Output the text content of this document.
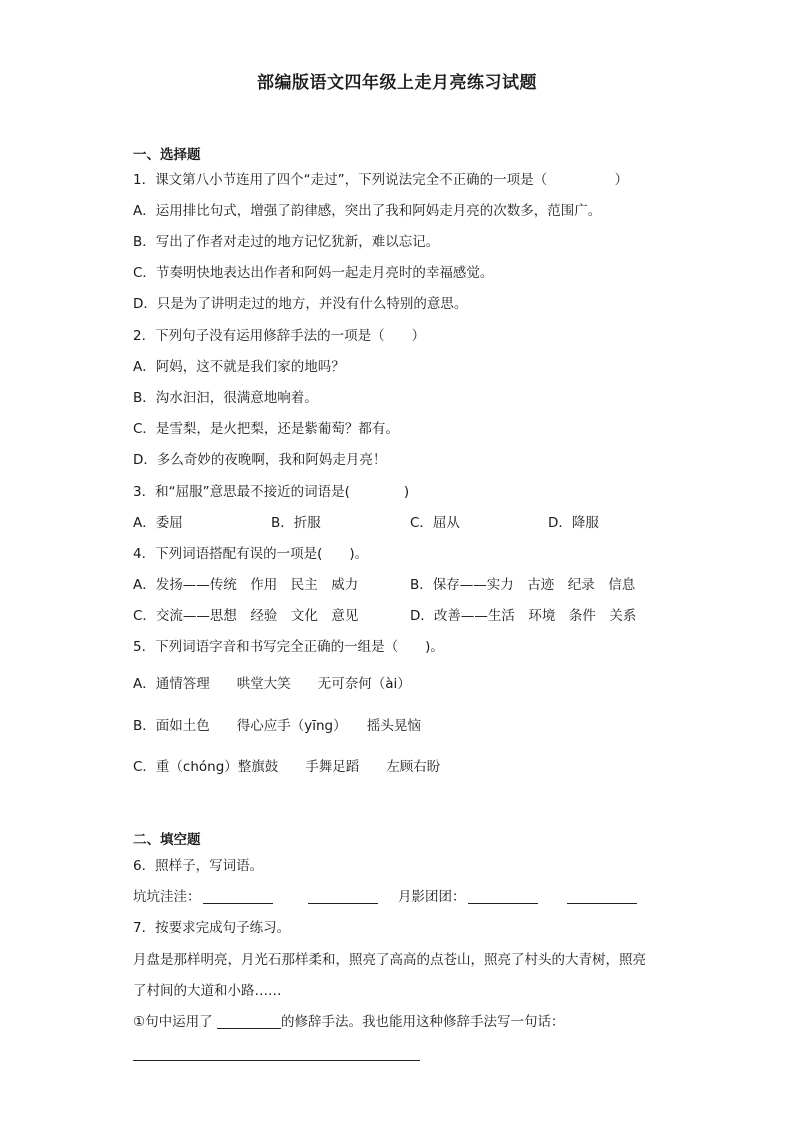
部编版语文四年级上走月亮练习试题
一、选择题
1．课文第八小节连用了四个“走过”，下列说法完全不正确的一项是（　　　　　）
A．运用排比句式，增强了韵律感，突出了我和阿妈走月亮的次数多，范围广。
B．写出了作者对走过的地方记忆犹新，难以忘记。
C．节奏明快地表达出作者和阿妈一起走月亮时的幸福感觉。
D．只是为了讲明走过的地方，并没有什么特别的意思。
2．下列句子没有运用修辞手法的一项是（　　）
A．阿妈，这不就是我们家的地吗？
B．沟水汩汩，很满意地响着。
C．是雪梨，是火把梨，还是紫葡萄？都有。
D．多么奇妙的夜晚啊，我和阿妈走月亮！
3．和“屈服”意思最不接近的词语是(　　　　)
A．委屈	B．折服	C．屈从	D．降服
4．下列词语搭配有误的一项是(　　)。
A．发扬——传统　作用　民主　威力	B．保存——实力　古迹　纪录　信息
C．交流——思想　经验　文化　意见	D．改善——生活　环境　条件　关系
5．下列词语字音和书写完全正确的一组是（　　)。
A．通情答理　　哄堂大笑　　无可奈何（ài）
B．面如土色　　得心应手（yīng）　　摇头晃恼
C．重（chóng）整旗鼓　　手舞足蹈　　左顾右盼
二、填空题
6．照样子，写词语。
坑坑洼洼：	月影团团：
7．按要求完成句子练习。
月盘是那样明亮，月光石那样柔和，照亮了高高的点苍山，照亮了村头的大青树，照亮
了村间的大道和小路……
①句中运用了	的修辞手法。我也能用这种修辞手法写一句话：
